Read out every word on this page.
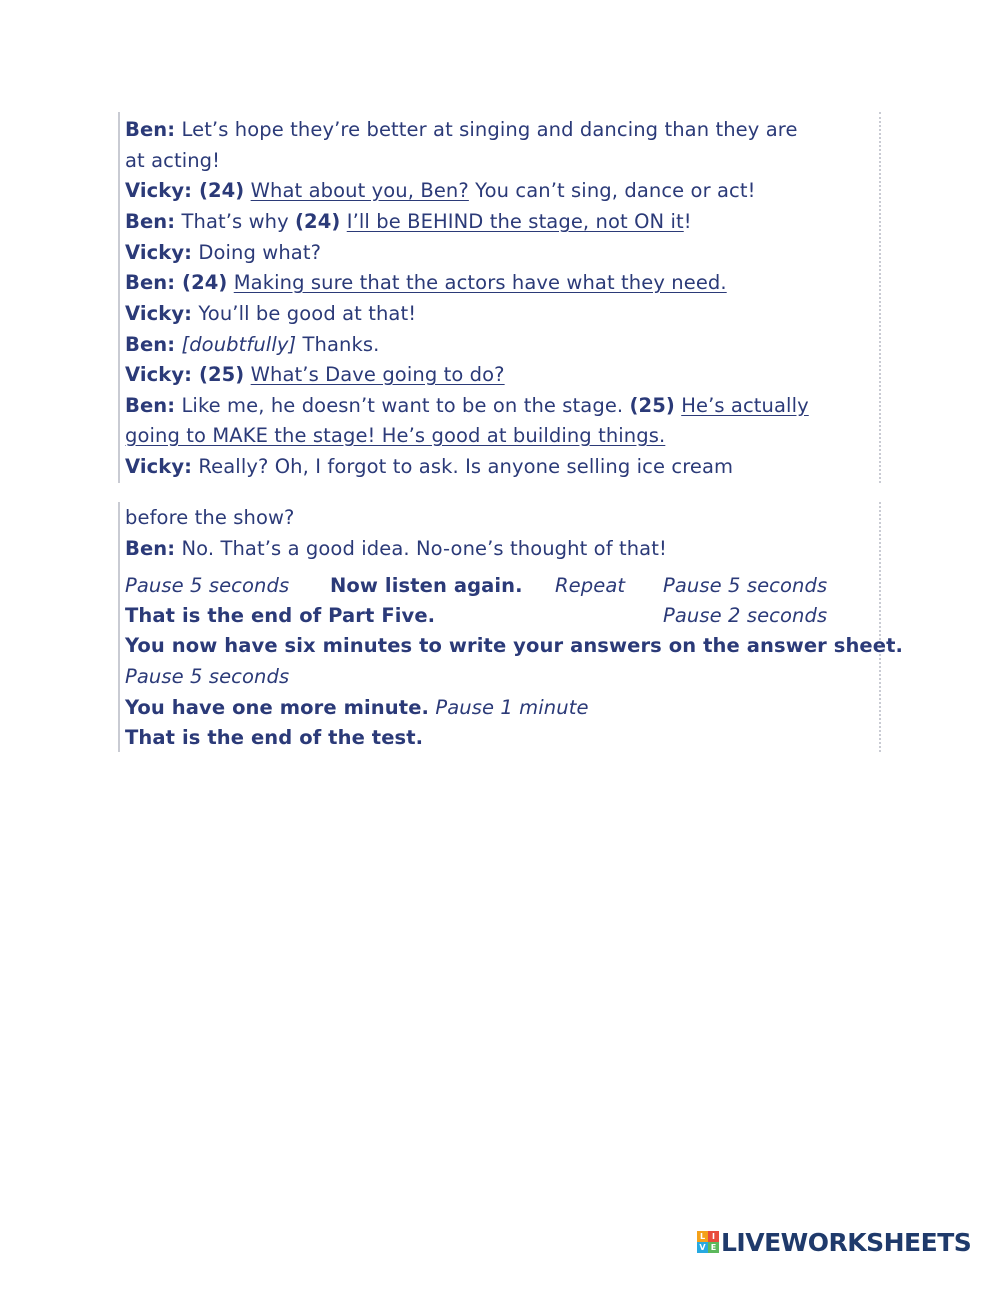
Ben: Let’s hope they’re better at singing and dancing than they are
at acting!
Vicky: (24) What about you, Ben? You can’t sing, dance or act!
Ben: That’s why (24) I’ll be BEHIND the stage, not ON it!
Vicky: Doing what?
Ben: (24) Making sure that the actors have what they need.
Vicky: You’ll be good at that!
Ben: [doubtfully] Thanks.
Vicky: (25) What’s Dave going to do?
Ben: Like me, he doesn’t want to be on the stage. (25) He’s actually
going to MAKE the stage! He’s good at building things.
Vicky: Really? Oh, I forgot to ask. Is anyone selling ice cream
before the show?
Ben: No. That’s a good idea. No-one’s thought of that!
Pause 5 seconds Now listen again. Repeat Pause 5 seconds
That is the end of Part Five.	Pause 2 seconds
You now have six minutes to write your answers on the answer sheet.
Pause 5 seconds
You have one more minute. Pause 1 minute
That is the end of the test.
L I
V E LIVEWORKSHEETS
